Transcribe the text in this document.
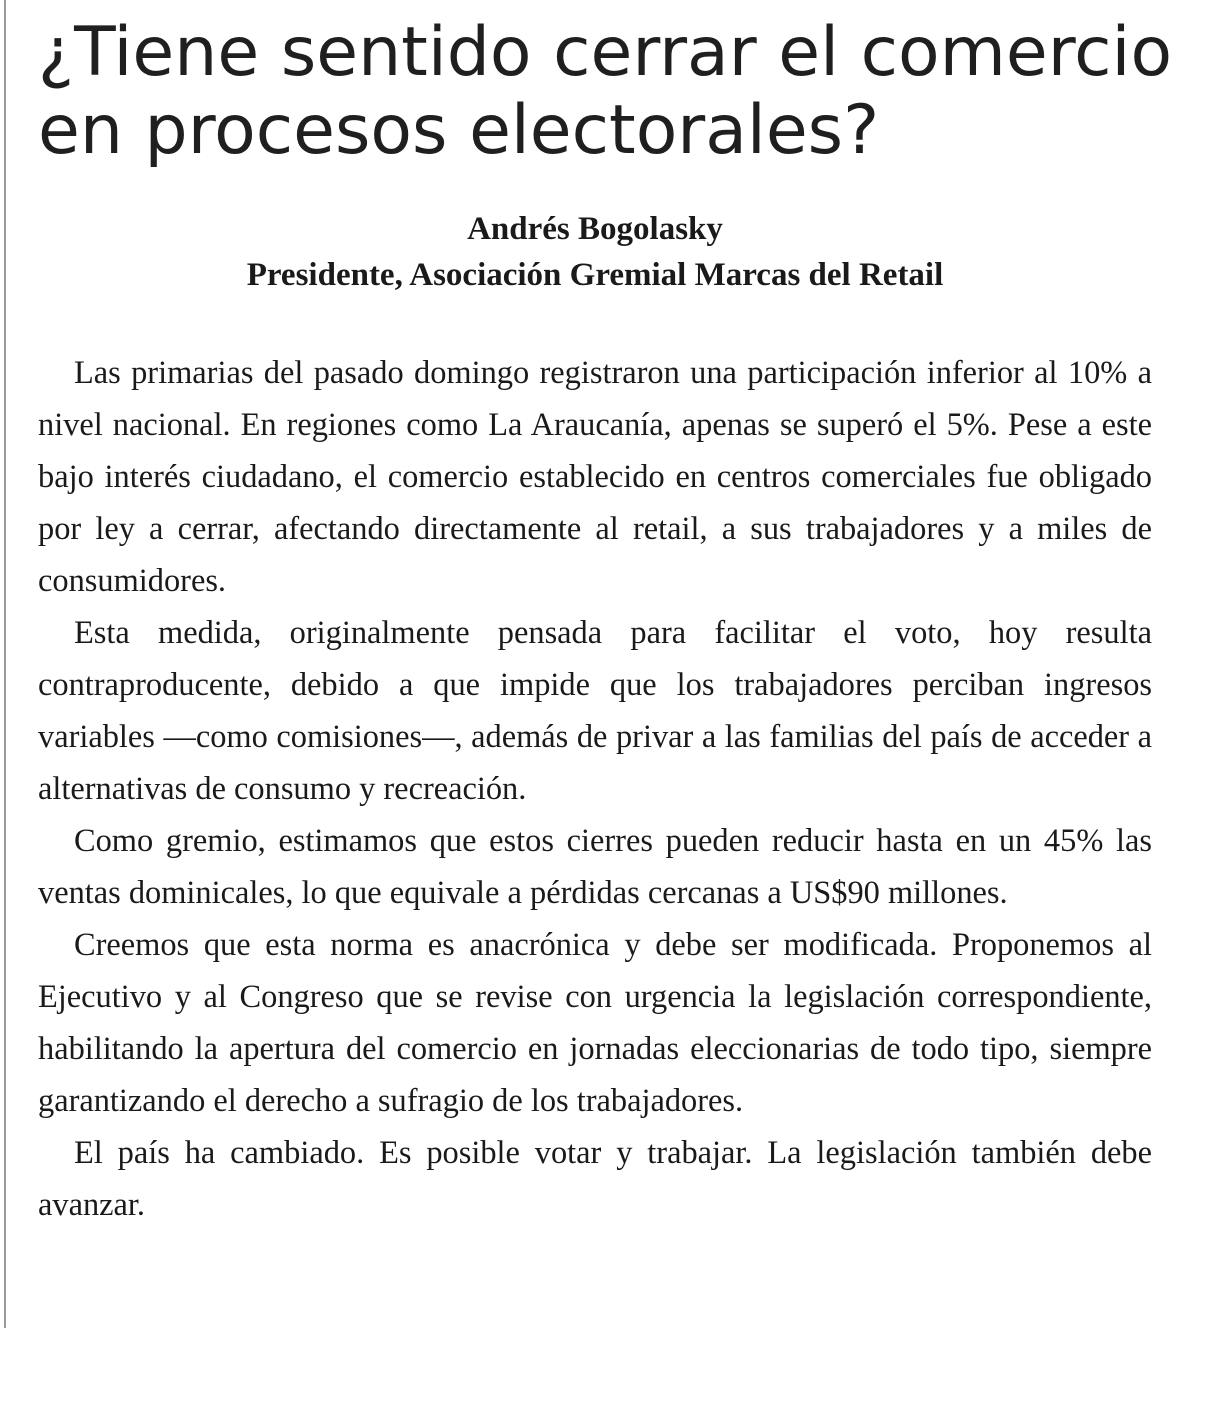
¿Tiene sentido cerrar el comercio en procesos electorales?
Andrés Bogolasky
Presidente, Asociación Gremial Marcas del Retail

Las primarias del pasado domingo registraron una participación inferior al 10% a nivel nacional. En regiones como La Araucanía, apenas se superó el 5%. Pese a este bajo interés ciudadano, el comercio establecido en centros comerciales fue obligado por ley a cerrar, afectando directamente al retail, a sus trabajadores y a miles de consumidores.

Esta medida, originalmente pensada para facilitar el voto, hoy resulta contraproducente, debido a que impide que los trabajadores perciban ingresos variables —como comisiones—, además de privar a las familias del país de acceder a alternativas de consumo y recreación.

Como gremio, estimamos que estos cierres pueden reducir hasta en un 45% las ventas dominicales, lo que equivale a pérdidas cercanas a US$90 millones.

Creemos que esta norma es anacrónica y debe ser modificada. Proponemos al Ejecutivo y al Congreso que se revise con urgencia la legislación correspondiente, habilitando la apertura del comercio en jornadas eleccionarias de todo tipo, siempre garantizando el derecho a sufragio de los trabajadores.

El país ha cambiado. Es posible votar y trabajar. La legislación también debe avanzar.
